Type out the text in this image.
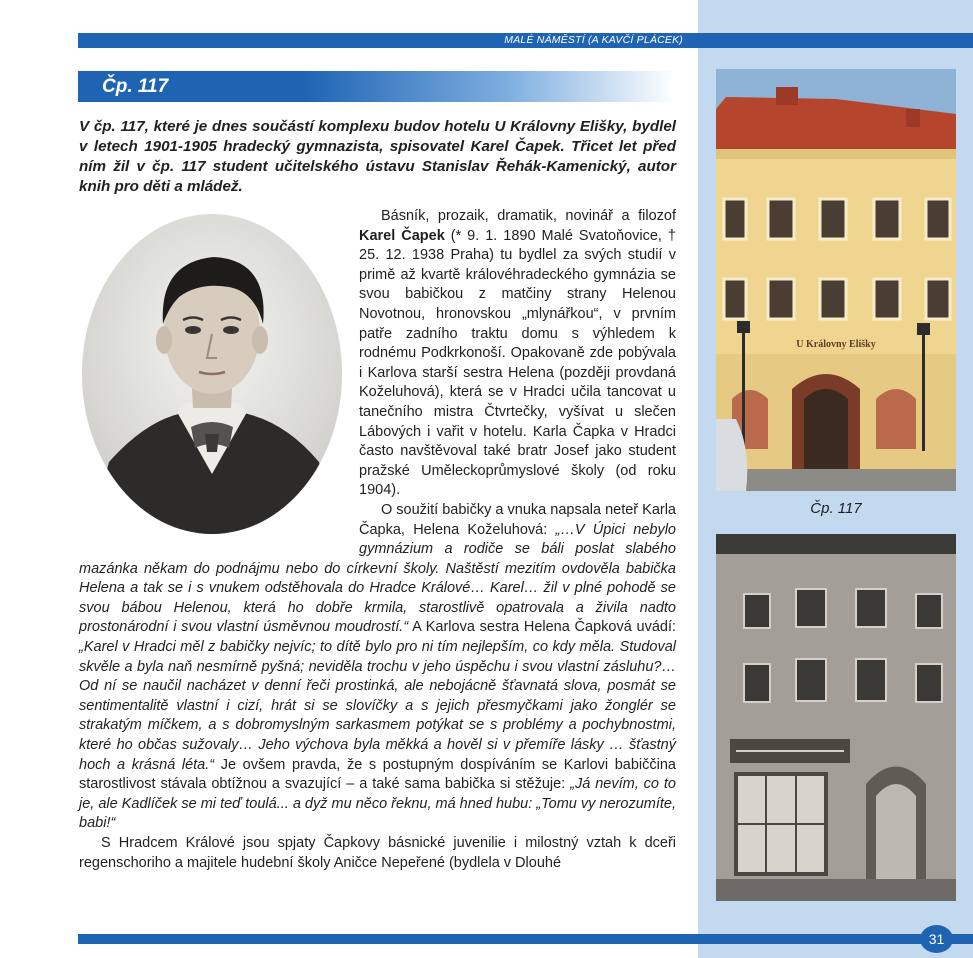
MALÉ NÁMĚSTÍ (A KAVČÍ PLÁCEK)
Čp. 117
V čp. 117, které je dnes součástí komplexu budov hotelu U Královny Elišky, bydlel v letech 1901-1905 hradecký gymnazista, spisovatel Karel Čapek. Třicet let před ním žil v čp. 117 student učitelského ústavu Stanislav Řehák-Kamenický, autor knih pro děti a mládež.

Básník, prozaik, dramatik, novinář a filozof Karel Čapek (* 9. 1. 1890 Malé Svatoňovice, † 25. 12. 1938 Praha) tu bydlel za svých studií v primě až kvartě královéhradeckého gymnázia se svou babičkou z matčiny strany Helenou Novotnou, hronovskou „mlynářkou“, v prvním patře zadního traktu domu s výhledem k rodnému Podkrkonoší. Opakovaně zde pobývala i Karlova starší sestra Helena (později provdaná Koželuhová), která se v Hradci učila tancovat u tanečního mistra Čtvrtečky, vyšívat u slečen Lábových i vařit v hotelu. Karla Čapka v Hradci často navštěvoval také bratr Josef jako student pražské Uměleckoprůmyslové školy (od roku 1904).

O soužití babičky a vnuka napsala neteř Karla Čapka, Helena Koželuhová: „…V Úpici nebylo gymnázium a rodiče se báli poslat slabého mazánka někam do podnájmu nebo do církevní školy. Naštěstí mezitím ovdověla babička Helena a tak se i s vnukem odstěhovala do Hradce Králové… Karel… žil v plné pohodě se svou bábou Helenou, která ho dobře krmila, starostlivě opatrovala a živila nadto prostonárodní i svou vlastní úsměvnou moudrostí.“ A Karlova sestra Helena Čapková uvádí: „Karel v Hradci měl z babičky nejvíc; to dítě bylo pro ni tím nejlepším, co kdy měla. Studoval skvěle a byla naň nesmírně pyšná; neviděla trochu v jeho úspěchu i svou vlastní zásluhu?…Od ní se naučil nacházet v denní řeči prostinká, ale nebojácně šťavnatá slova, posmát se sentimentalitě vlastní i cizí, hrát si se slovíčky a s jejich přesmyčkami jako žonglér se strakatým míčkem, a s dobromyslným sarkasmem potýkat se s problémy a pochybnostmi, které ho občas sužovaly… Jeho výchova byla měkká a hověl si v přemíře lásky … šťastný hoch a krásná léta.“ Je ovšem pravda, že s postupným dospíváním se Karlovi babiččina starostlivost stávala obtížnou a svazující – a také sama babička si stěžuje: „Já nevím, co to je, ale Kadlíček se mi teď toulá... a dyž mu něco řeknu, má hned hubu: „Tomu vy nerozumíte, babi!“

S Hradcem Králové jsou spjaty Čapkovy básnické juvenilie i milostný vztah k dceři regenschoriho a majitele hudební školy Aničce Nepeřené (bydlela v Dlouhé

U Královny Elišky
Čp. 117
31
